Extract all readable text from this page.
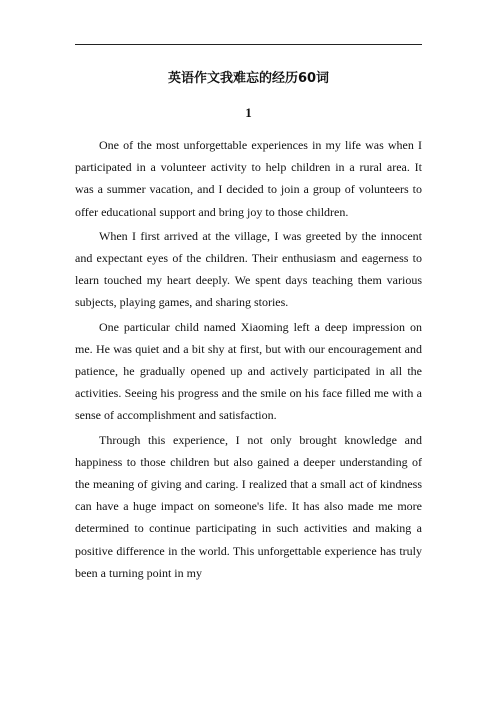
英语作文我难忘的经历60词
1

One of the most unforgettable experiences in my life was when I participated in a volunteer activity to help children in a rural area. It was a summer vacation, and I decided to join a group of volunteers to offer educational support and bring joy to those children.

When I first arrived at the village, I was greeted by the innocent and expectant eyes of the children. Their enthusiasm and eagerness to learn touched my heart deeply. We spent days teaching them various subjects, playing games, and sharing stories.

One particular child named Xiaoming left a deep impression on me. He was quiet and a bit shy at first, but with our encouragement and patience, he gradually opened up and actively participated in all the activities. Seeing his progress and the smile on his face filled me with a sense of accomplishment and satisfaction.

Through this experience, I not only brought knowledge and happiness to those children but also gained a deeper understanding of the meaning of giving and caring. I realized that a small act of kindness can have a huge impact on someone's life. It has also made me more determined to continue participating in such activities and making a positive difference in the world. This unforgettable experience has truly been a turning point in my
